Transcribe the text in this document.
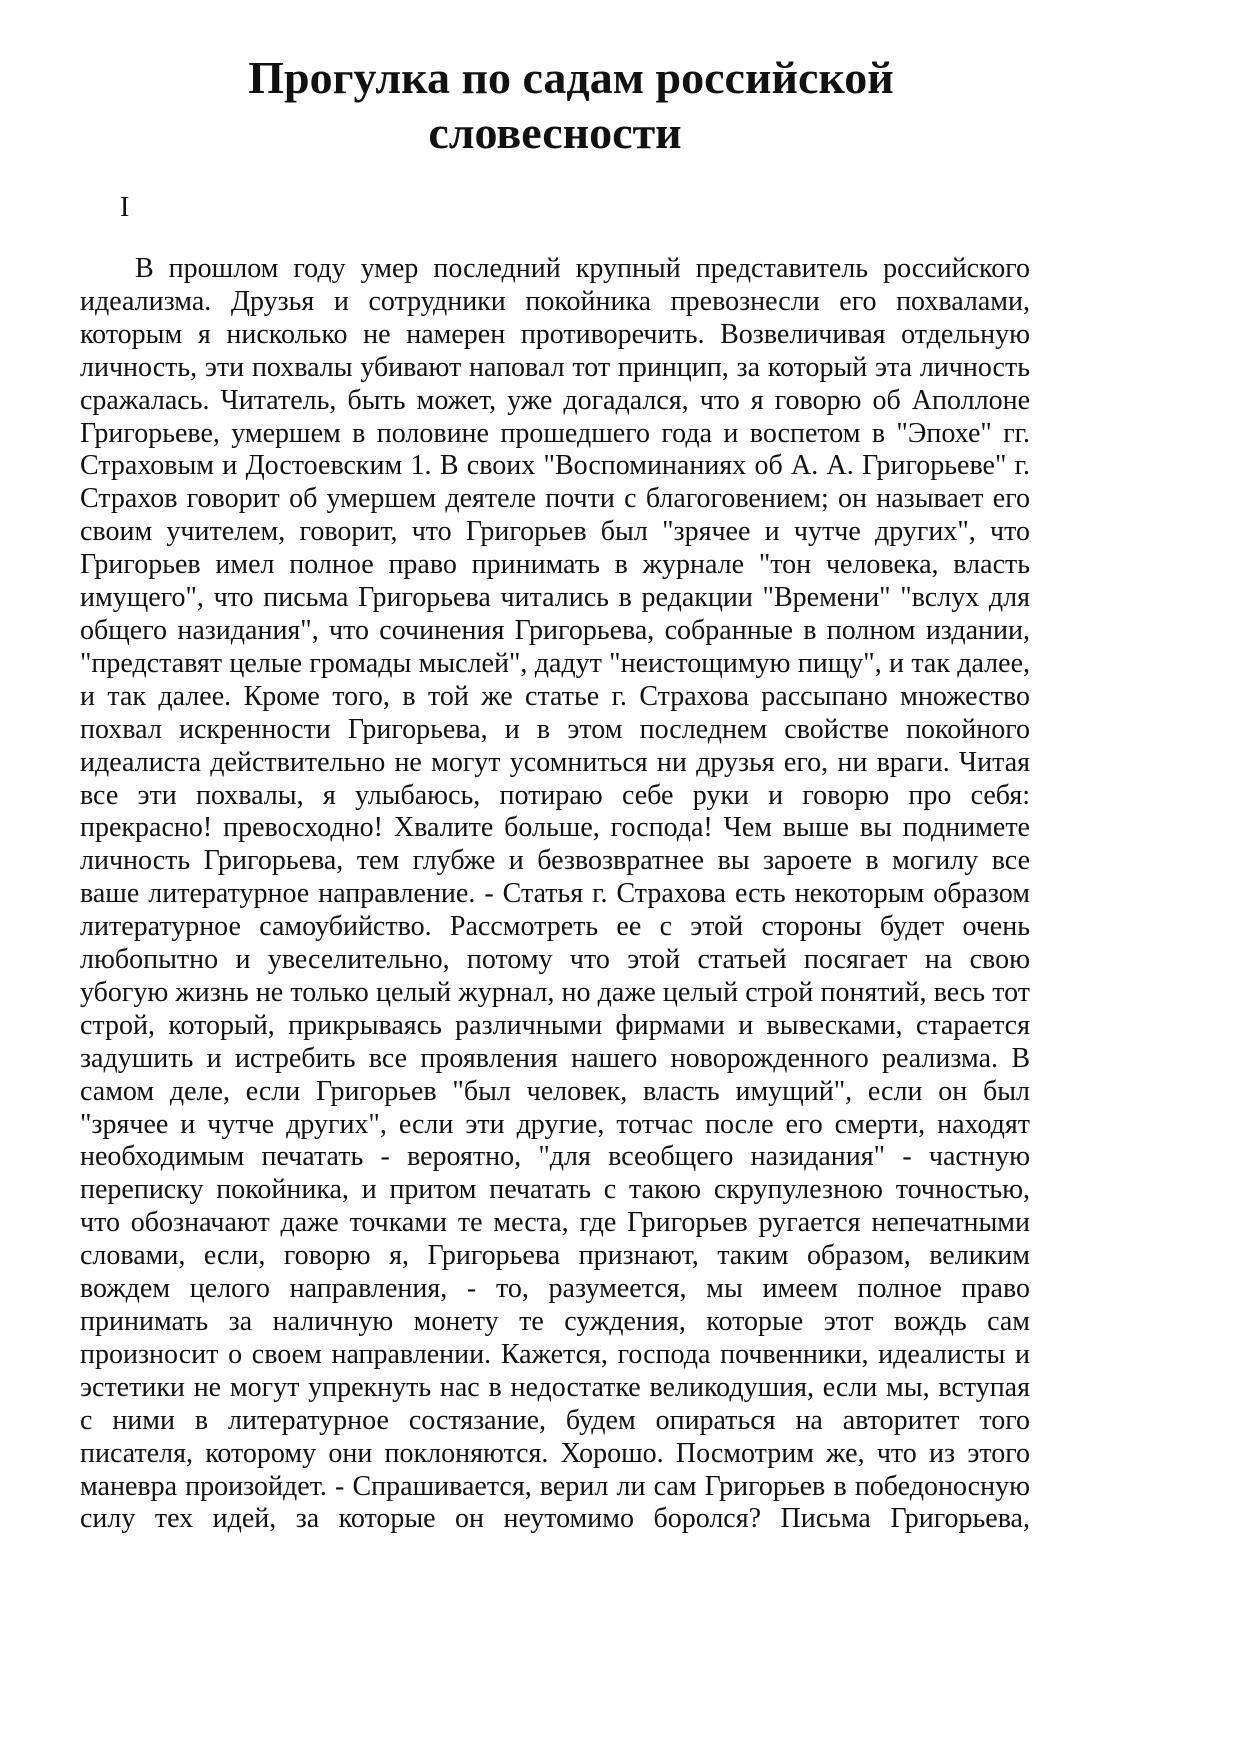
Прогулка по садам российской
словесности
I
В прошлом году умер последний крупный представитель российского
идеализма. Друзья и сотрудники покойника превознесли его похвалами,
которым я нисколько не намерен противоречить. Возвеличивая отдельную
личность, эти похвалы убивают наповал тот принцип, за который эта личность
сражалась. Читатель, быть может, уже догадался, что я говорю об Аполлоне
Григорьеве, умершем в половине прошедшего года и воспетом в "Эпохе" гг.
Страховым и Достоевским 1. В своих "Воспоминаниях об А. А. Григорьеве" г.
Страхов говорит об умершем деятеле почти с благоговением; он называет его
своим учителем, говорит, что Григорьев был "зрячее и чутче других", что
Григорьев имел полное право принимать в журнале "тон человека, власть
имущего", что письма Григорьева читались в редакции "Времени" "вслух для
общего назидания", что сочинения Григорьева, собранные в полном издании,
"представят целые громады мыслей", дадут "неистощимую пищу", и так далее,
и так далее. Кроме того, в той же статье г. Страхова рассыпано множество
похвал искренности Григорьева, и в этом последнем свойстве покойного
идеалиста действительно не могут усомниться ни друзья его, ни враги. Читая
все эти похвалы, я улыбаюсь, потираю себе руки и говорю про себя:
прекрасно! превосходно! Хвалите больше, господа! Чем выше вы поднимете
личность Григорьева, тем глубже и безвозвратнее вы зароете в могилу все
ваше литературное направление. - Статья г. Страхова есть некоторым образом
литературное самоубийство. Рассмотреть ее с этой стороны будет очень
любопытно и увеселительно, потому что этой статьей посягает на свою
убогую жизнь не только целый журнал, но даже целый строй понятий, весь тот
строй, который, прикрываясь различными фирмами и вывесками, старается
задушить и истребить все проявления нашего новорожденного реализма. В
самом деле, если Григорьев "был человек, власть имущий", если он был
"зрячее и чутче других", если эти другие, тотчас после его смерти, находят
необходимым печатать - вероятно, "для всеобщего назидания" - частную
переписку покойника, и притом печатать с такою скрупулезною точностью,
что обозначают даже точками те места, где Григорьев ругается непечатными
словами, если, говорю я, Григорьева признают, таким образом, великим
вождем целого направления, - то, разумеется, мы имеем полное право
принимать за наличную монету те суждения, которые этот вождь сам
произносит о своем направлении. Кажется, господа почвенники, идеалисты и
эстетики не могут упрекнуть нас в недостатке великодушия, если мы, вступая
с ними в литературное состязание, будем опираться на авторитет того
писателя, которому они поклоняются. Хорошо. Посмотрим же, что из этого
маневра произойдет. - Спрашивается, верил ли сам Григорьев в победоносную
силу тех идей, за которые он неутомимо боролся? Письма Григорьева,
